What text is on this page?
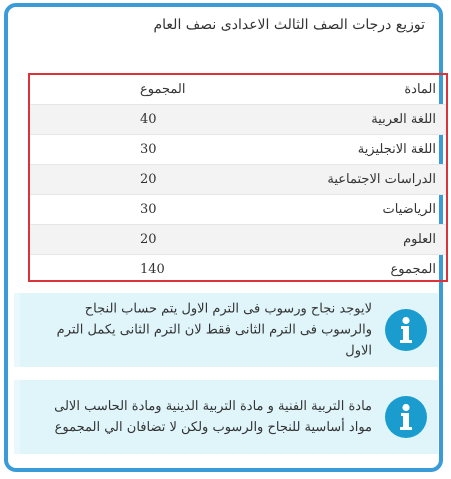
توزيع درجات الصف الثالث الاعدادى نصف العام
المادة	المجموع
اللغة العربية	40
اللغة الانجليزية	30
الدراسات الاجتماعية	20
الرياضيات	30
العلوم	20
المجموع	140
لايوجد نجاح ورسوب فى الترم الاول يتم حساب النجاح والرسوب فى الترم الثانى فقط لان الترم الثانى يكمل الترم الاول
مادة التربية الفنية و مادة التربية الدينية ومادة الحاسب الالى مواد أساسية للنجاح والرسوب ولكن لا تضافان الي المجموع
